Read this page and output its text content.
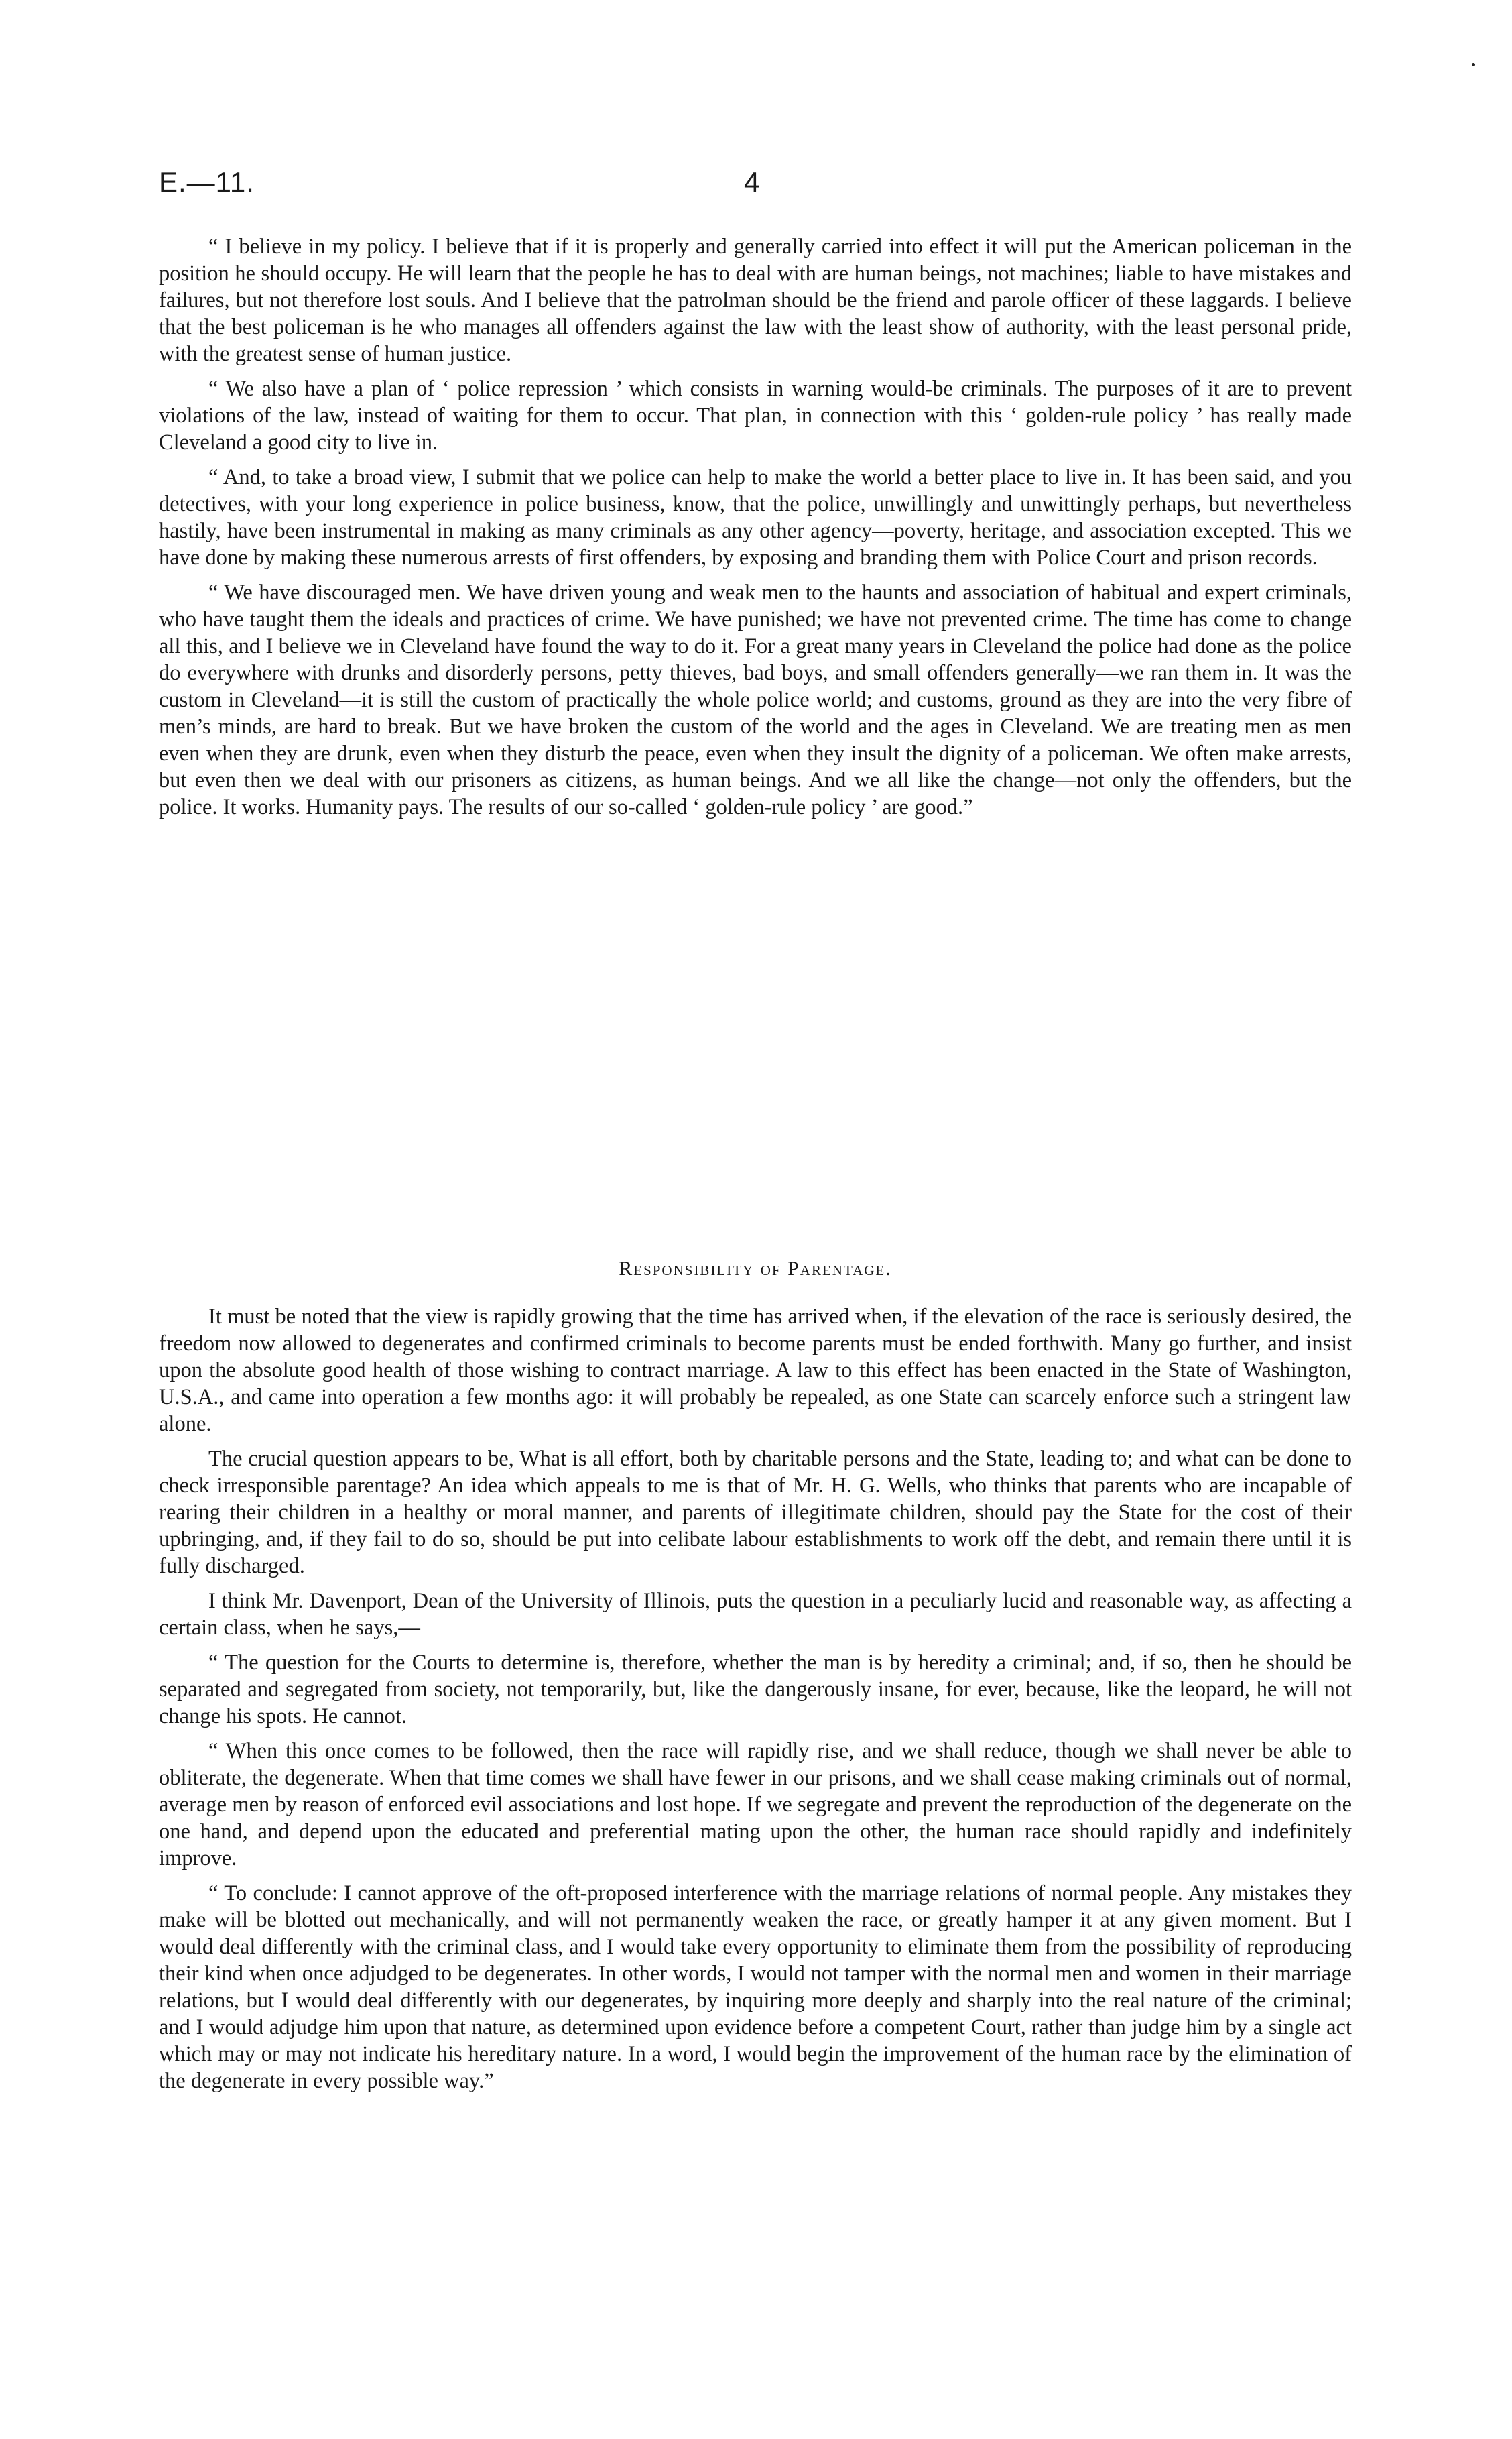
E.—11.	4

“ I believe in my policy. I believe that if it is properly and generally carried into effect it will put the American policeman in the position he should occupy. He will learn that the people he has to deal with are human beings, not machines; liable to have mistakes and failures, but not therefore lost souls. And I believe that the patrolman should be the friend and parole officer of these laggards. I believe that the best policeman is he who manages all offenders against the law with the least show of authority, with the least personal pride, with the greatest sense of human justice.

“ We also have a plan of ‘ police repression ’ which consists in warning would-be criminals. The purposes of it are to prevent violations of the law, instead of waiting for them to occur. That plan, in connection with this ‘ golden-rule policy ’ has really made Cleveland a good city to live in.

“ And, to take a broad view, I submit that we police can help to make the world a better place to live in. It has been said, and you detectives, with your long experience in police business, know, that the police, unwillingly and unwittingly perhaps, but nevertheless hastily, have been instrumental in making as many criminals as any other agency—poverty, heritage, and association excepted. This we have done by making these numerous arrests of first offenders, by exposing and branding them with Police Court and prison records.

“ We have discouraged men. We have driven young and weak men to the haunts and association of habitual and expert criminals, who have taught them the ideals and practices of crime. We have punished; we have not prevented crime. The time has come to change all this, and I believe we in Cleveland have found the way to do it. For a great many years in Cleveland the police had done as the police do everywhere with drunks and disorderly persons, petty thieves, bad boys, and small offenders generally—we ran them in. It was the custom in Cleveland—it is still the custom of practically the whole police world; and customs, ground as they are into the very fibre of men’s minds, are hard to break. But we have broken the custom of the world and the ages in Cleveland. We are treating men as men even when they are drunk, even when they disturb the peace, even when they insult the dignity of a policeman. We often make arrests, but even then we deal with our prisoners as citizens, as human beings. And we all like the change—not only the offenders, but the police. It works. Humanity pays. The results of our so-called ‘ golden-rule policy ’ are good.”

Responsibility of Parentage.

It must be noted that the view is rapidly growing that the time has arrived when, if the elevation of the race is seriously desired, the freedom now allowed to degenerates and confirmed criminals to become parents must be ended forthwith. Many go further, and insist upon the absolute good health of those wishing to contract marriage. A law to this effect has been enacted in the State of Washington, U.S.A., and came into operation a few months ago: it will probably be repealed, as one State can scarcely enforce such a stringent law alone.

The crucial question appears to be, What is all effort, both by charitable persons and the State, leading to; and what can be done to check irresponsible parentage? An idea which appeals to me is that of Mr. H. G. Wells, who thinks that parents who are incapable of rearing their children in a healthy or moral manner, and parents of illegitimate children, should pay the State for the cost of their upbringing, and, if they fail to do so, should be put into celibate labour establishments to work off the debt, and remain there until it is fully discharged.

I think Mr. Davenport, Dean of the University of Illinois, puts the question in a peculiarly lucid and reasonable way, as affecting a certain class, when he says,—

“ The question for the Courts to determine is, therefore, whether the man is by heredity a criminal; and, if so, then he should be separated and segregated from society, not temporarily, but, like the dangerously insane, for ever, because, like the leopard, he will not change his spots. He cannot.

“ When this once comes to be followed, then the race will rapidly rise, and we shall reduce, though we shall never be able to obliterate, the degenerate. When that time comes we shall have fewer in our prisons, and we shall cease making criminals out of normal, average men by reason of enforced evil associations and lost hope. If we segregate and prevent the reproduction of the degenerate on the one hand, and depend upon the educated and preferential mating upon the other, the human race should rapidly and indefinitely improve.

“ To conclude: I cannot approve of the oft-proposed interference with the marriage relations of normal people. Any mistakes they make will be blotted out mechanically, and will not permanently weaken the race, or greatly hamper it at any given moment. But I would deal differently with the criminal class, and I would take every opportunity to eliminate them from the possibility of reproducing their kind when once adjudged to be degenerates. In other words, I would not tamper with the normal men and women in their marriage relations, but I would deal differently with our degenerates, by inquiring more deeply and sharply into the real nature of the criminal; and I would adjudge him upon that nature, as determined upon evidence before a competent Court, rather than judge him by a single act which may or may not indicate his hereditary nature. In a word, I would begin the improvement of the human race by the elimination of the degenerate in every possible way.”
